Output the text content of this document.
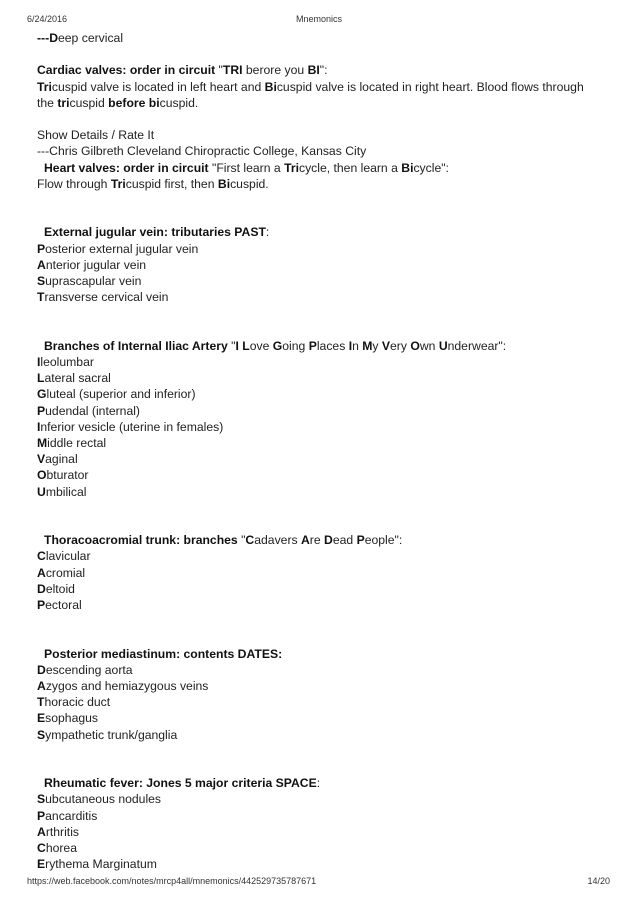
6/24/2016	Mnemonics
---Deep cervical
Cardiac valves: order in circuit "TRI berore you BI":
Tricuspid valve is located in left heart and Bicuspid valve is located in right heart. Blood flows through
the tricuspid before bicuspid.
Show Details / Rate It
---Chris Gilbreth Cleveland Chiropractic College, Kansas City
Heart valves: order in circuit "First learn a Tricycle, then learn a Bicycle":
Flow through Tricuspid first, then Bicuspid.
External jugular vein: tributaries PAST:
Posterior external jugular vein
Anterior jugular vein
Suprascapular vein
Transverse cervical vein
Branches of Internal Iliac Artery "I Love Going Places In My Very Own Underwear":
Ileolumbar
Lateral sacral
Gluteal (superior and inferior)
Pudendal (internal)
Inferior vesicle (uterine in females)
Middle rectal
Vaginal
Obturator
Umbilical
Thoracoacromial trunk: branches "Cadavers Are Dead People":
Clavicular
Acromial
Deltoid
Pectoral
Posterior mediastinum: contents DATES:
Descending aorta
Azygos and hemiazygous veins
Thoracic duct
Esophagus
Sympathetic trunk/ganglia
Rheumatic fever: Jones 5 major criteria SPACE:
Subcutaneous nodules
Pancarditis
Arthritis
Chorea
Erythema Marginatum
https://web.facebook.com/notes/mrcp4all/mnemonics/442529735787671	14/20
